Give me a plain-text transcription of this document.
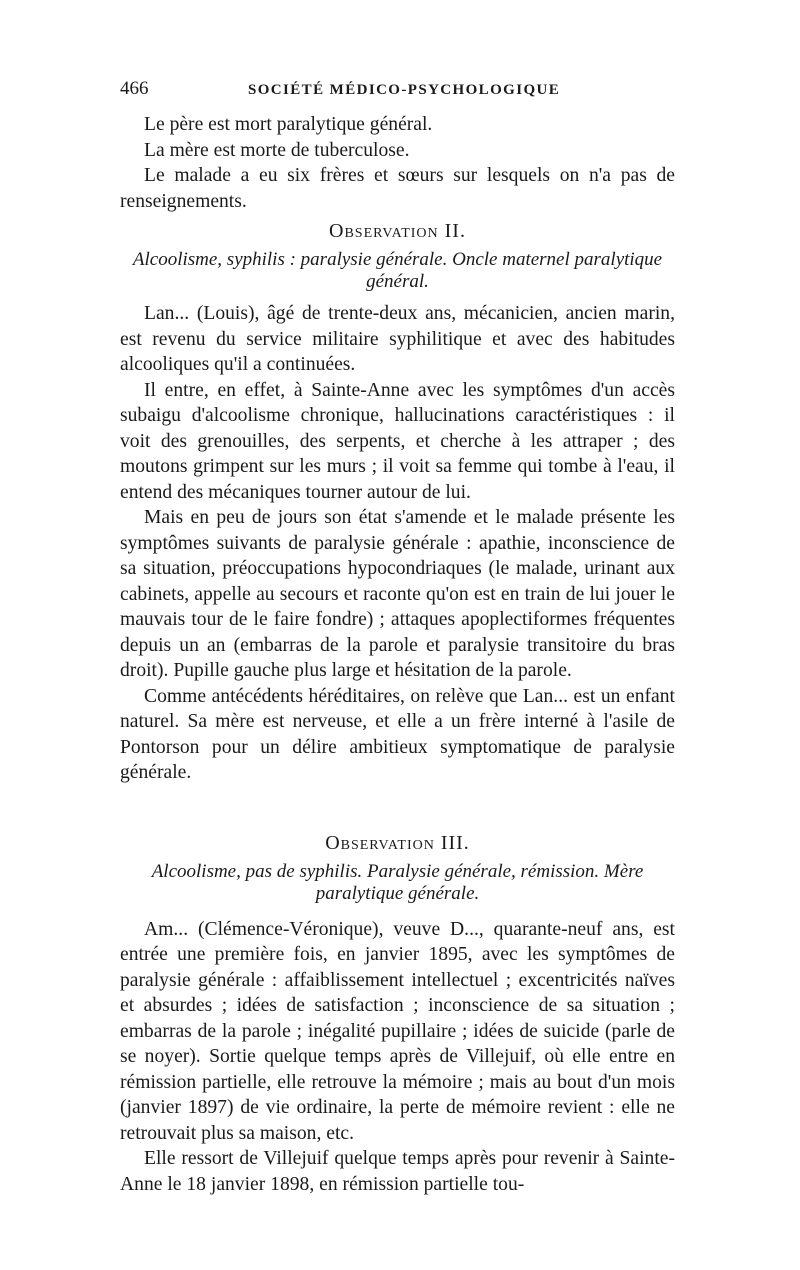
466	SOCIÉTÉ MÉDICO-PSYCHOLOGIQUE

Le père est mort paralytique général.

La mère est morte de tuberculose.

Le malade a eu six frères et sœurs sur lesquels on n'a pas de renseignements.

Observation II.
Alcoolisme, syphilis : paralysie générale. Oncle maternel paralytique général.

Lan... (Louis), âgé de trente-deux ans, mécanicien, ancien marin, est revenu du service militaire syphilitique et avec des habitudes alcooliques qu'il a continuées.

Il entre, en effet, à Sainte-Anne avec les symptômes d'un accès subaigu d'alcoolisme chronique, hallucinations caractéristiques : il voit des grenouilles, des serpents, et cherche à les attraper ; des moutons grimpent sur les murs ; il voit sa femme qui tombe à l'eau, il entend des mécaniques tourner autour de lui.

Mais en peu de jours son état s'amende et le malade présente les symptômes suivants de paralysie générale : apathie, inconscience de sa situation, préoccupations hypocondriaques (le malade, urinant aux cabinets, appelle au secours et raconte qu'on est en train de lui jouer le mauvais tour de le faire fondre) ; attaques apoplectiformes fréquentes depuis un an (embarras de la parole et paralysie transitoire du bras droit). Pupille gauche plus large et hésitation de la parole.

Comme antécédents héréditaires, on relève que Lan... est un enfant naturel. Sa mère est nerveuse, et elle a un frère interné à l'asile de Pontorson pour un délire ambitieux symptomatique de paralysie générale.

Observation III.
Alcoolisme, pas de syphilis. Paralysie générale, rémission. Mère paralytique générale.

Am... (Clémence-Véronique), veuve D..., quarante-neuf ans, est entrée une première fois, en janvier 1895, avec les symptômes de paralysie générale : affaiblissement intellectuel ; excentricités naïves et absurdes ; idées de satisfaction ; inconscience de sa situation ; embarras de la parole ; inégalité pupillaire ; idées de suicide (parle de se noyer). Sortie quelque temps après de Villejuif, où elle entre en rémission partielle, elle retrouve la mémoire ; mais au bout d'un mois (janvier 1897) de vie ordinaire, la perte de mémoire revient : elle ne retrouvait plus sa maison, etc.

Elle ressort de Villejuif quelque temps après pour revenir à Sainte-Anne le 18 janvier 1898, en rémission partielle tou-
